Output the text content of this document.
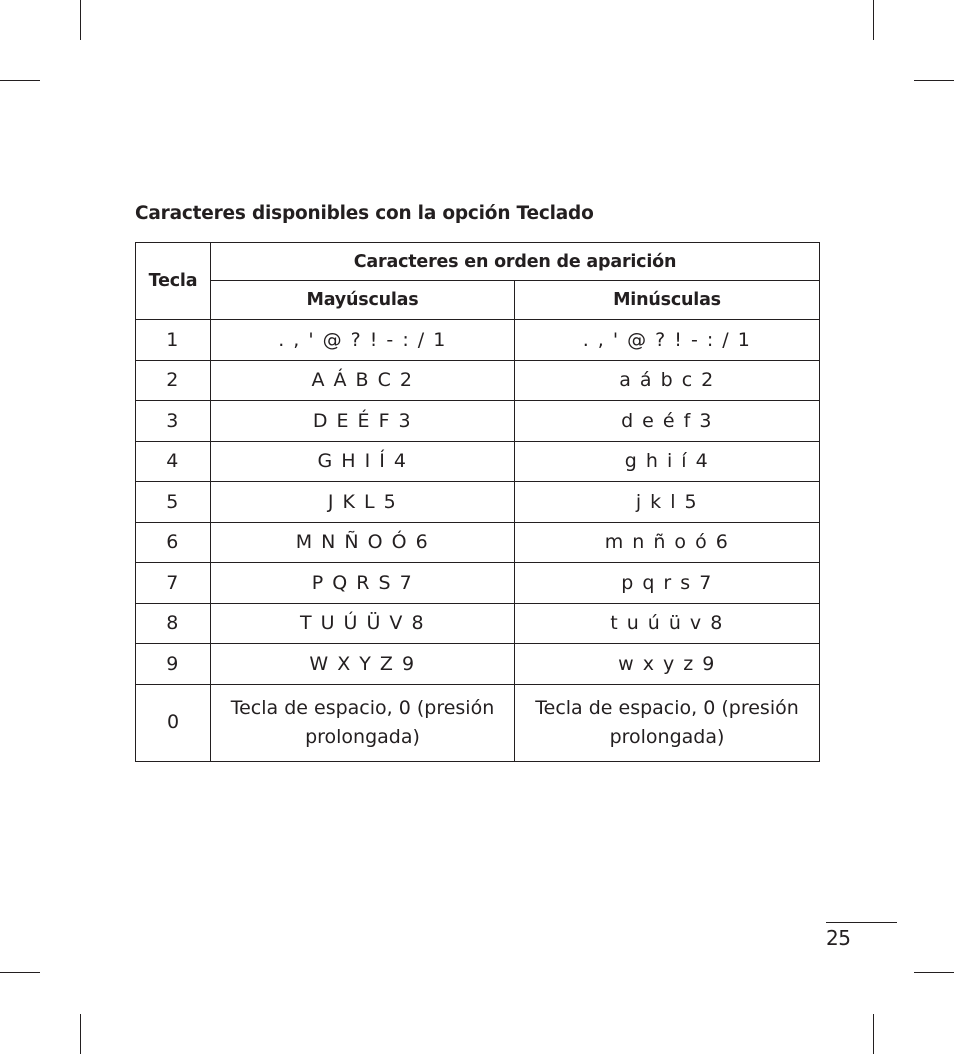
Caracteres disponibles con la opción Teclado
Tecla	Caracteres en orden de aparición	
	Mayúsculas	Minúsculas
1	. , ' @ ? ! - : / 1	. , ' @ ? ! - : / 1
2	A Á B C 2	a á b c 2
3	D E É F 3	d e é f 3
4	G H I Í 4	g h i í 4
5	J K L 5	j k l 5
6	M N Ñ O Ó 6	m n ñ o ó 6
7	P Q R S 7	p q r s 7
8	T U Ú Ü V 8	t u ú ü v 8
9	W X Y Z 9	w x y z 9
0	Tecla de espacio, 0 (presión prolongada)	Tecla de espacio, 0 (presión prolongada)
25
